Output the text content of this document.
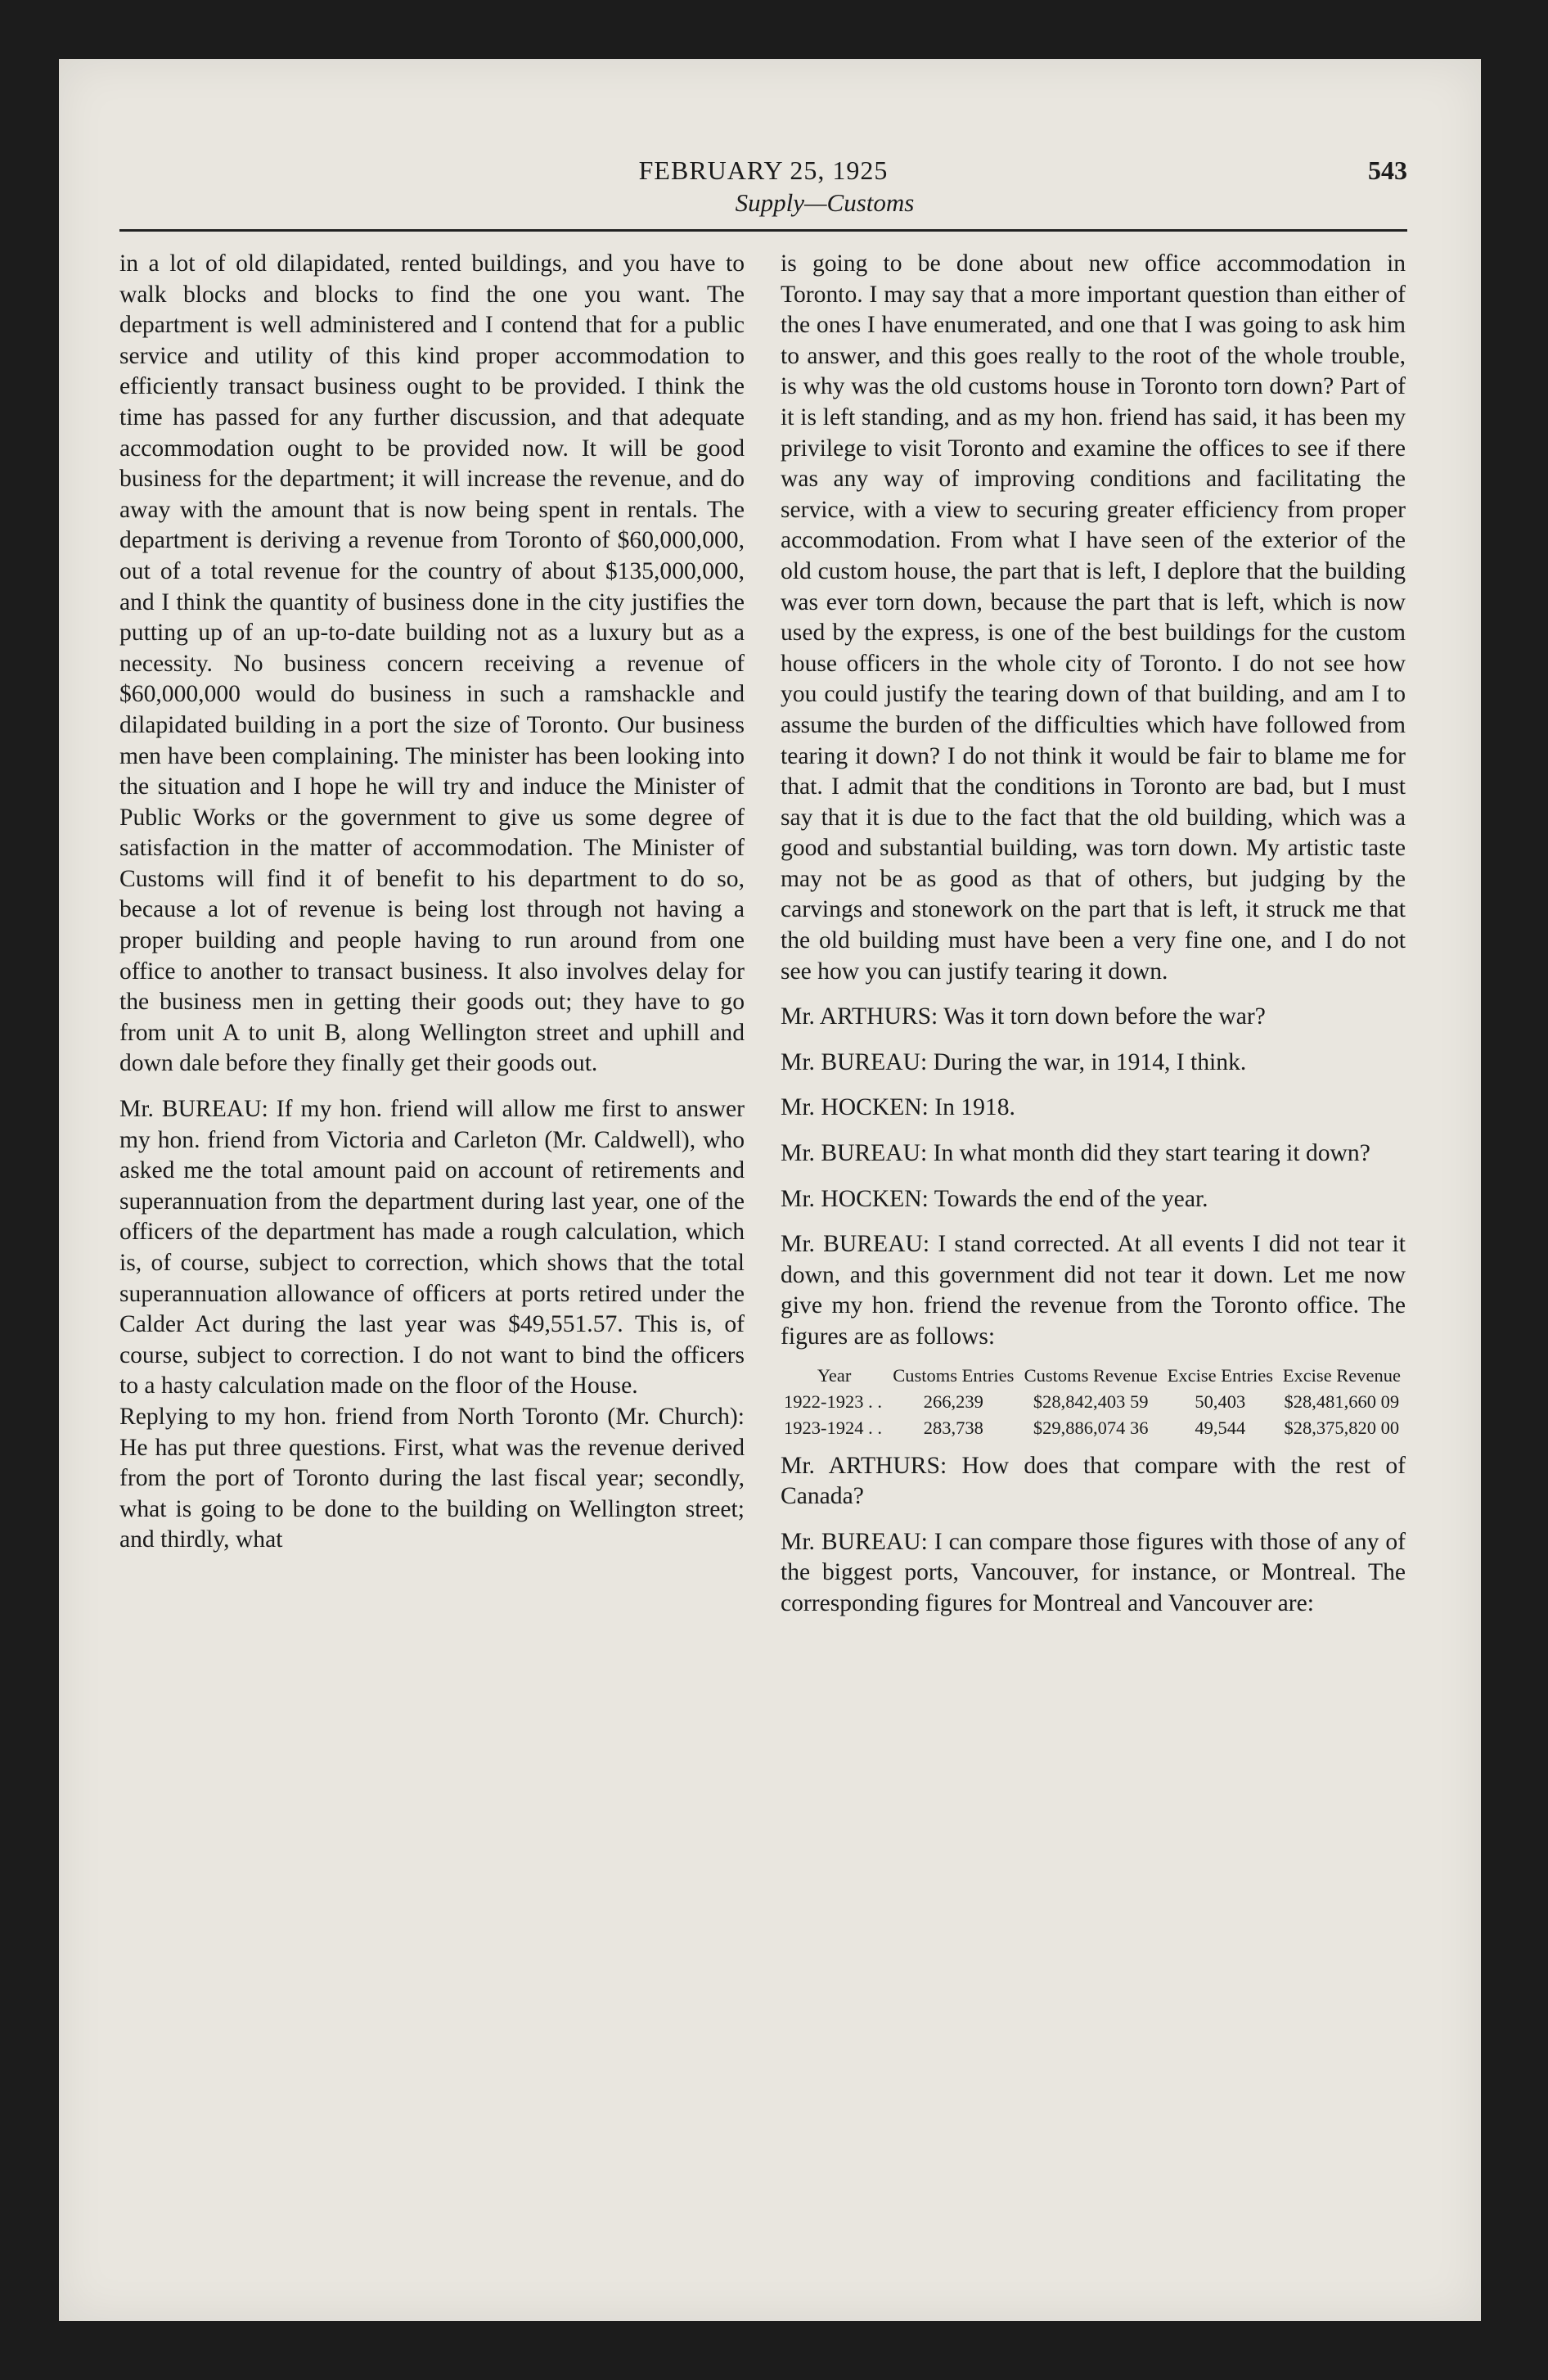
FEBRUARY 25, 1925	543
Supply—Customs

in a lot of old dilapidated, rented buildings, and you have to walk blocks and blocks to find the one you want. The department is well administered and I contend that for a public service and utility of this kind proper accommodation to efficiently transact business ought to be provided. I think the time has passed for any further discussion, and that adequate accommodation ought to be provided now. It will be good business for the department; it will increase the revenue, and do away with the amount that is now being spent in rentals. The department is deriving a revenue from Toronto of $60,000,000, out of a total revenue for the country of about $135,000,000, and I think the quantity of business done in the city justifies the putting up of an up-to-date building not as a luxury but as a necessity. No business concern receiving a revenue of $60,000,000 would do business in such a ramshackle and dilapidated building in a port the size of Toronto. Our business men have been complaining. The minister has been looking into the situation and I hope he will try and induce the Minister of Public Works or the government to give us some degree of satisfaction in the matter of accommodation. The Minister of Customs will find it of benefit to his department to do so, because a lot of revenue is being lost through not having a proper building and people having to run around from one office to another to transact business. It also involves delay for the business men in getting their goods out; they have to go from unit A to unit B, along Wellington street and uphill and down dale before they finally get their goods out.

Mr. BUREAU: If my hon. friend will allow me first to answer my hon. friend from Victoria and Carleton (Mr. Caldwell), who asked me the total amount paid on account of retirements and superannuation from the department during last year, one of the officers of the department has made a rough calculation, which is, of course, subject to correction, which shows that the total superannuation allowance of officers at ports retired under the Calder Act during the last year was $49,551.57. This is, of course, subject to correction. I do not want to bind the officers to a hasty calculation made on the floor of the House.

Replying to my hon. friend from North Toronto (Mr. Church): He has put three questions. First, what was the revenue derived from the port of Toronto during the last fiscal year; secondly, what is going to be done to the building on Wellington street; and thirdly, what

is going to be done about new office accommodation in Toronto. I may say that a more important question than either of the ones I have enumerated, and one that I was going to ask him to answer, and this goes really to the root of the whole trouble, is why was the old customs house in Toronto torn down? Part of it is left standing, and as my hon. friend has said, it has been my privilege to visit Toronto and examine the offices to see if there was any way of improving conditions and facilitating the service, with a view to securing greater efficiency from proper accommodation. From what I have seen of the exterior of the old custom house, the part that is left, I deplore that the building was ever torn down, because the part that is left, which is now used by the express, is one of the best buildings for the custom house officers in the whole city of Toronto. I do not see how you could justify the tearing down of that building, and am I to assume the burden of the difficulties which have followed from tearing it down? I do not think it would be fair to blame me for that. I admit that the conditions in Toronto are bad, but I must say that it is due to the fact that the old building, which was a good and substantial building, was torn down. My artistic taste may not be as good as that of others, but judging by the carvings and stonework on the part that is left, it struck me that the old building must have been a very fine one, and I do not see how you can justify tearing it down.

Mr. ARTHURS: Was it torn down before the war?

Mr. BUREAU: During the war, in 1914, I think.

Mr. HOCKEN: In 1918.

Mr. BUREAU: In what month did they start tearing it down?

Mr. HOCKEN: Towards the end of the year.

Mr. BUREAU: I stand corrected. At all events I did not tear it down, and this government did not tear it down. Let me now give my hon. friend the revenue from the Toronto office. The figures are as follows:

Year	Customs Entries	Customs Revenue	Excise Entries	Excise Revenue
1922-1923 . .	266,239	$28,842,403 59	50,403	$28,481,660 09
1923-1924 . .	283,738	$29,886,074 36	49,544	$28,375,820 00

Mr. ARTHURS: How does that compare with the rest of Canada?

Mr. BUREAU: I can compare those figures with those of any of the biggest ports, Vancouver, for instance, or Montreal. The corresponding figures for Montreal and Vancouver are:
